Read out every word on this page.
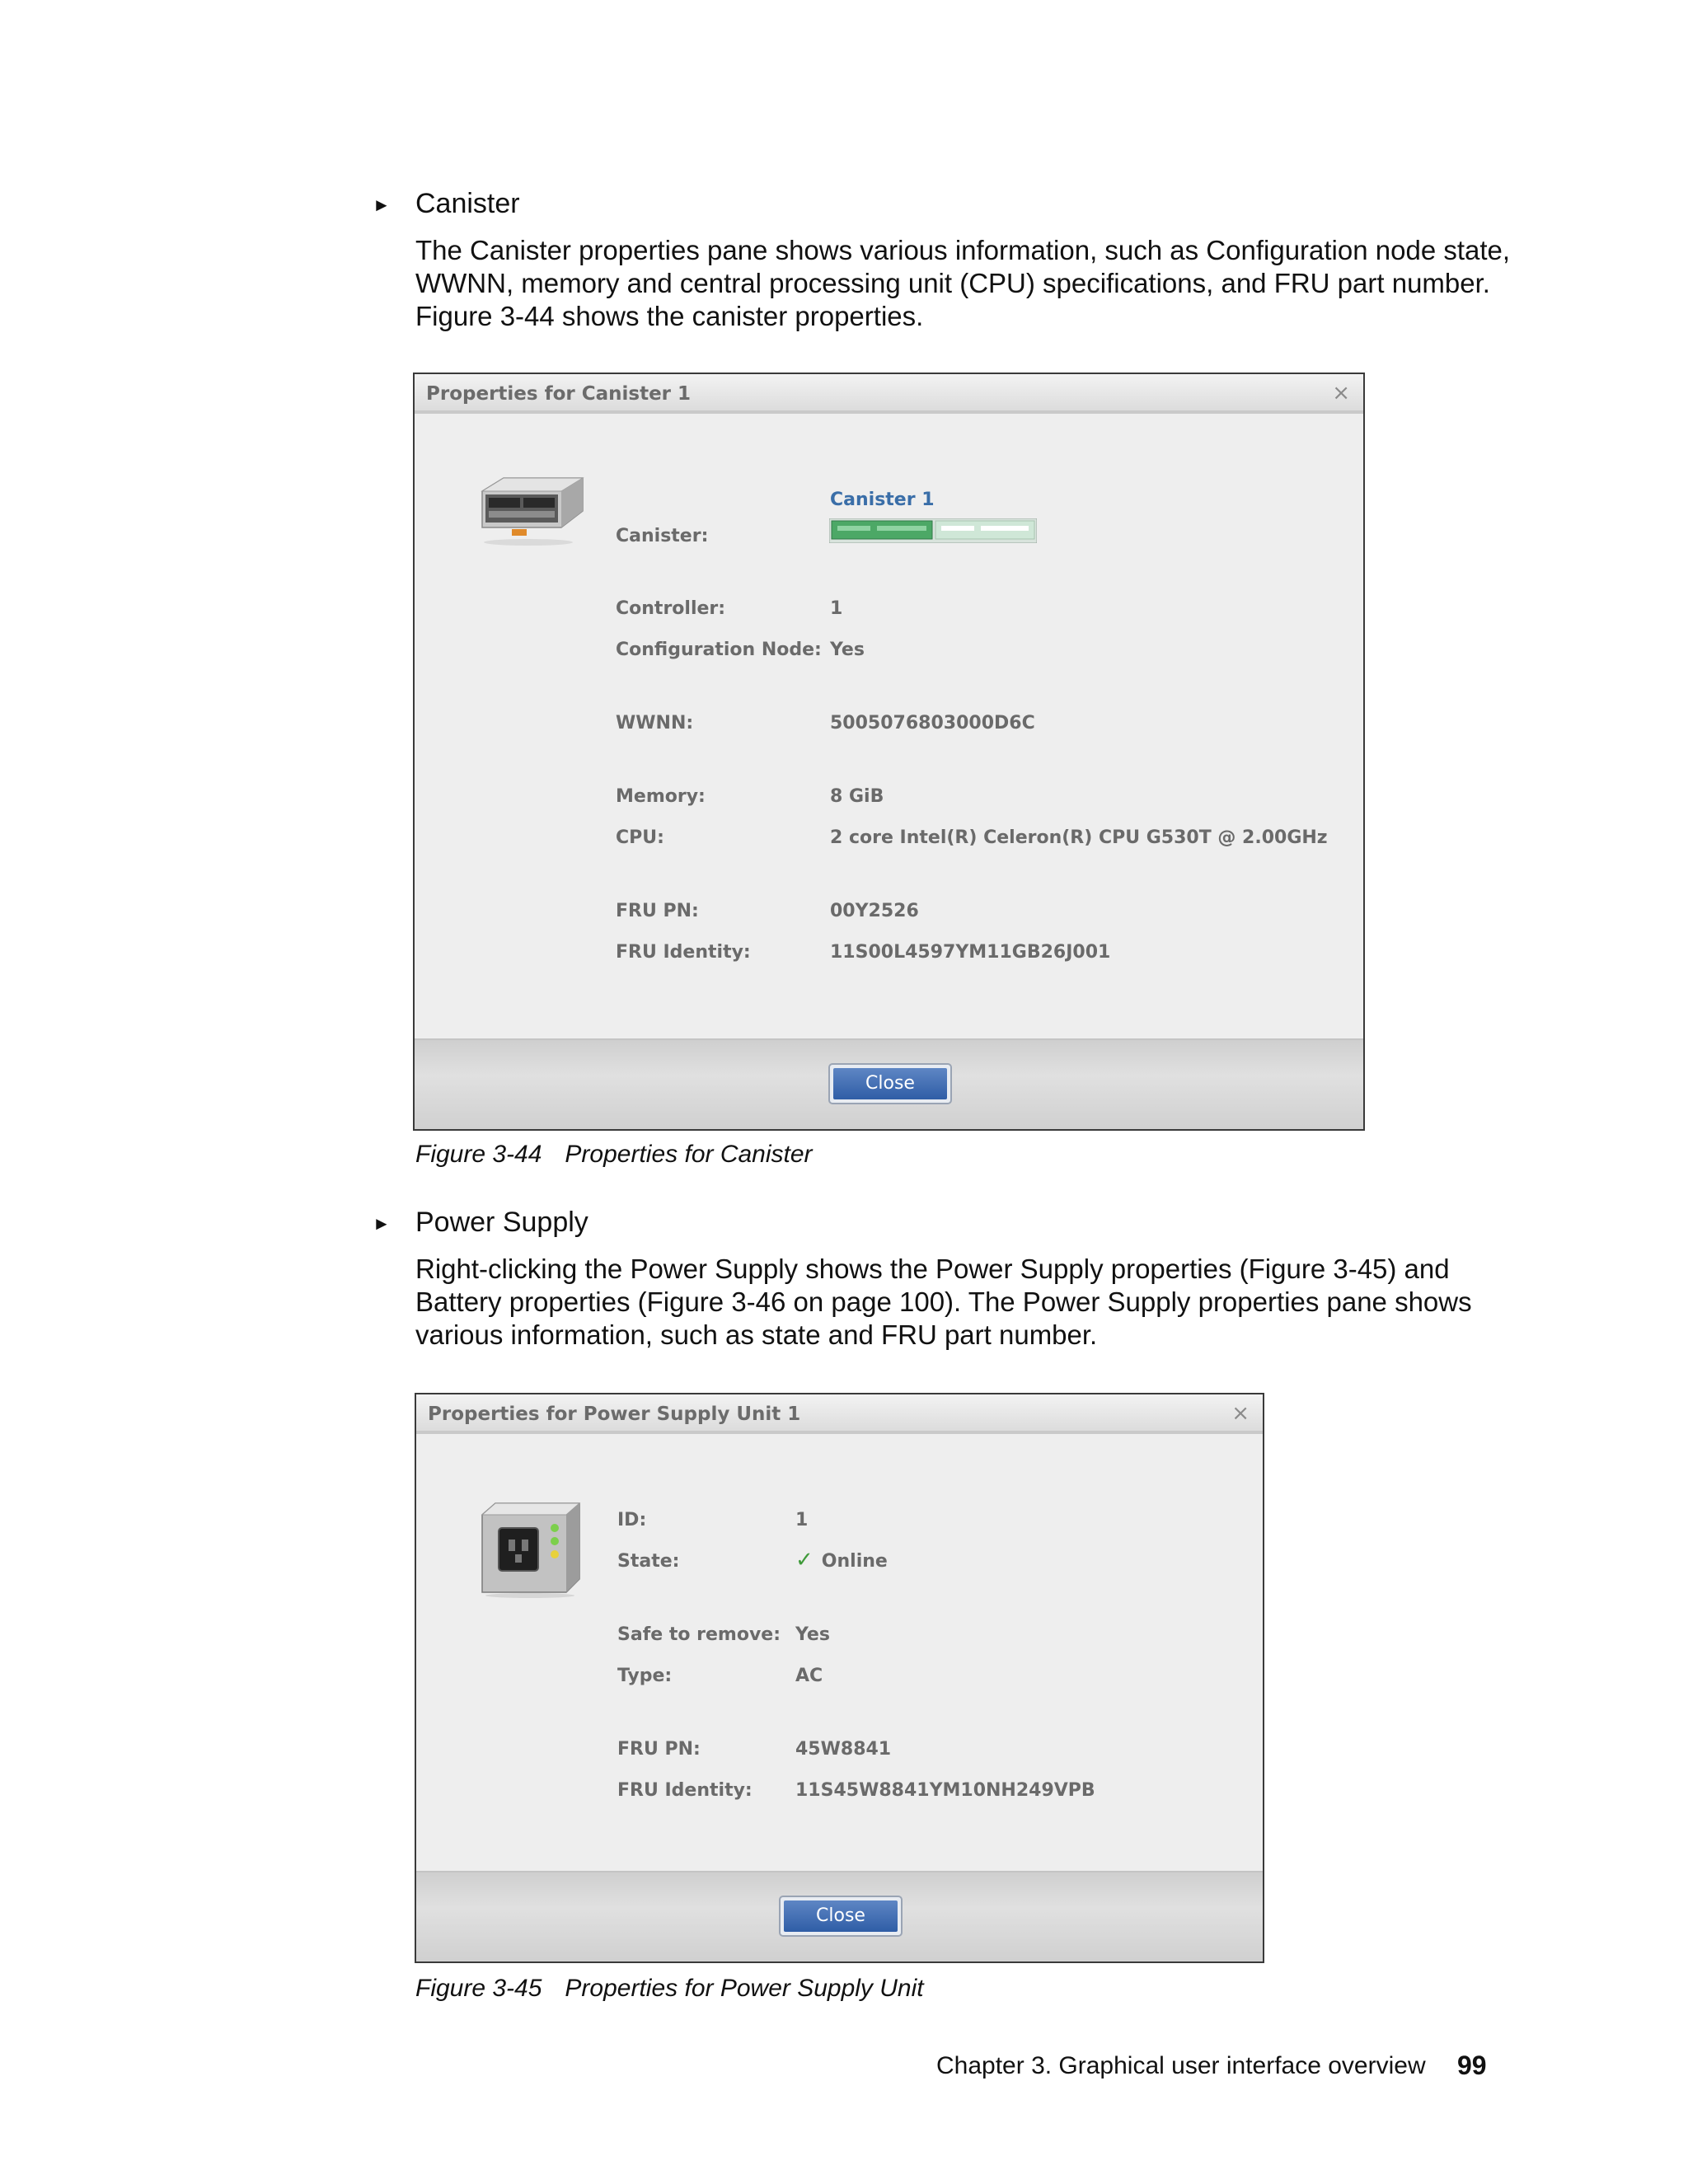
► Canister

The Canister properties pane shows various information, such as Configuration node state, WWNN, memory and central processing unit (CPU) specifications, and FRU part number. Figure 3-44 shows the canister properties.

Properties for Canister 1	×
Canister:
Canister 1
Controller:	1
Configuration Node: Yes
WWNN:	5005076803000D6C
Memory:	8 GiB
CPU:	2 core Intel(R) Celeron(R) CPU G530T @ 2.00GHz
FRU PN:	00Y2526
FRU Identity:	11S00L4597YM11GB26J001
Close
Figure 3-44 Properties for Canister
► Power Supply

Right-clicking the Power Supply shows the Power Supply properties (Figure 3-45) and Battery properties (Figure 3-46 on page 100). The Power Supply properties pane shows various information, such as state and FRU part number.

Properties for Power Supply Unit 1	×
ID:	1
State:	✓ Online
Safe to remove: Yes
Type:	AC
FRU PN:	45W8841
FRU Identity: 11S45W8841YM10NH249VPB
Close
Figure 3-45 Properties for Power Supply Unit
Chapter 3. Graphical user interface overview 99
